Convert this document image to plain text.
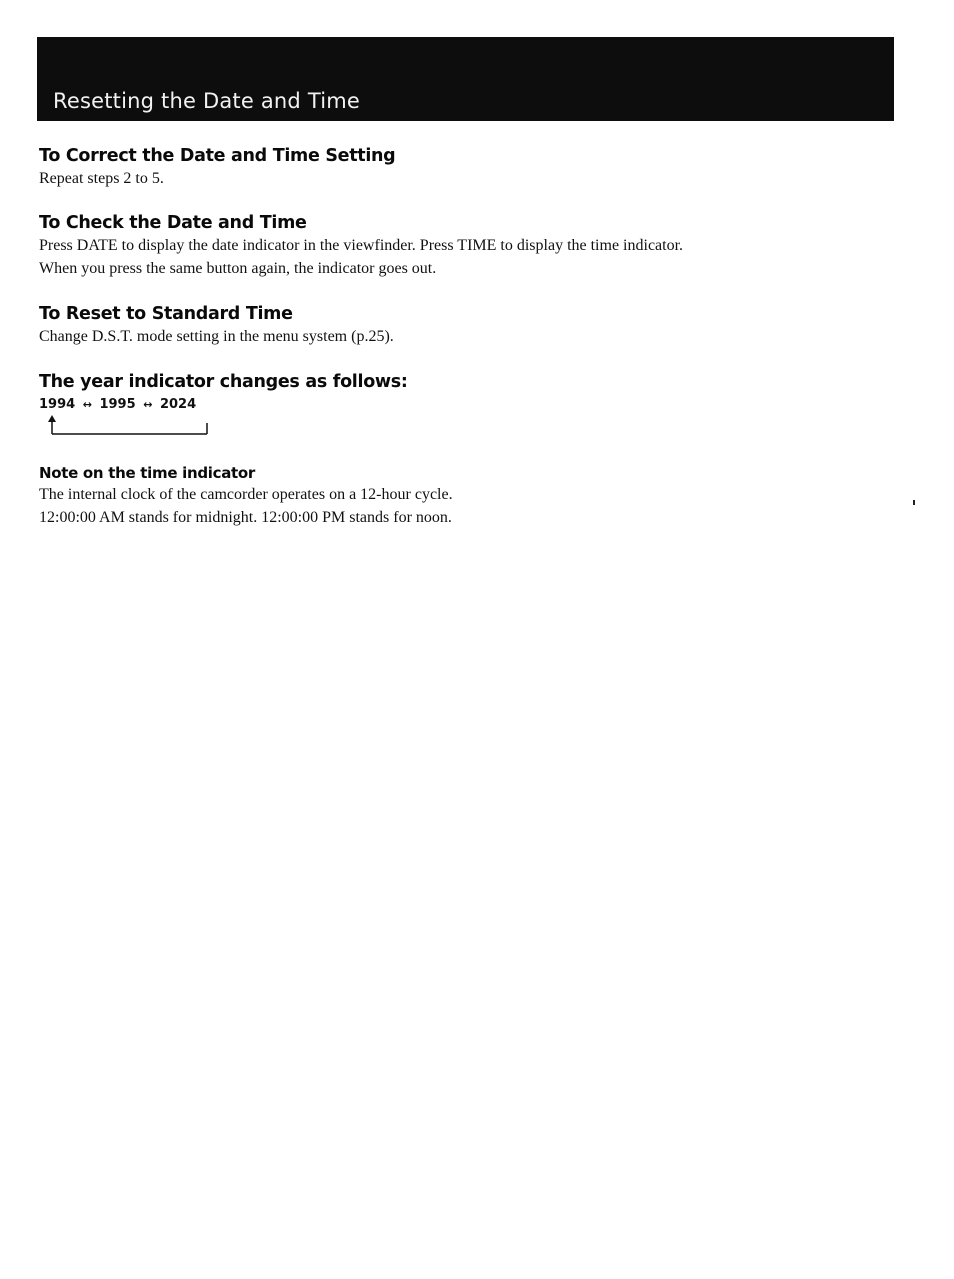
Resetting the Date and Time
To Correct the Date and Time Setting
Repeat steps 2 to 5.
To Check the Date and Time
Press DATE to display the date indicator in the viewfinder. Press TIME to display the time indicator.
When you press the same button again, the indicator goes out.
To Reset to Standard Time
Change D.S.T. mode setting in the menu system (p.25).
The year indicator changes as follows:
1994 ↔ 1995 ↔ 2024
Note on the time indicator
The internal clock of the camcorder operates on a 12-hour cycle.
12:00:00 AM stands for midnight. 12:00:00 PM stands for noon.
